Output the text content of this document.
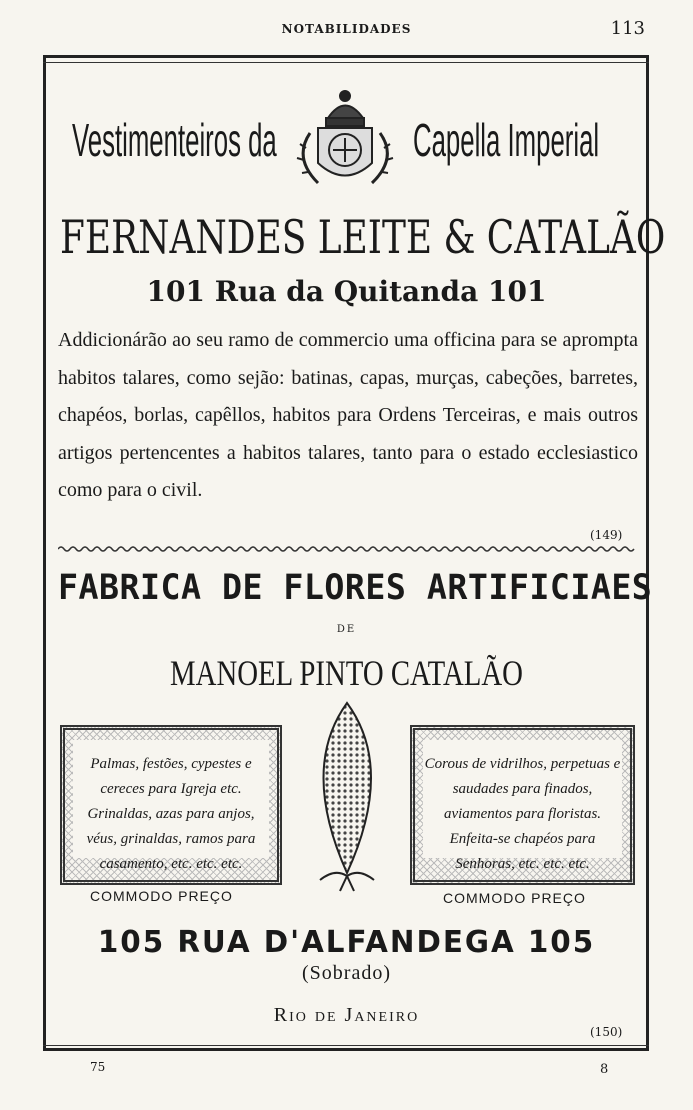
NOTABILIDADES	113
Vestimenteiros da	Capella Imperial
FERNANDES LEITE & CATALÃO
101 Rua da Quitanda 101
Addicionárão ao seu ramo de commercio uma officina para se aprompta habitos talares, como sejão: batinas, capas, murças, cabeções, barretes, chapéos, borlas, capêllos, habitos para Ordens Terceiras, e mais outros artigos pertencentes a habitos talares, tanto para o estado ecclesiastico como para o civil.
(149)
FABRICA DE FLORES ARTIFICIAES
DE
MANOEL PINTO CATALÃO
Palmas, festões, cypestes e cereces para Igreja etc. Grinaldas, azas para anjos, véus, grinaldas, ramos para casamento, etc. etc. etc.
Corous de vidrilhos, perpetuas e saudades para finados, aviamentos para floristas. Enfeita-se chapéos para Senhoras, etc. etc. etc.
COMMODO PREÇO	COMMODO PREÇO
105 RUA D'ALFANDEGA 105
(Sobrado)
Rio de Janeiro
(150)
75	8
